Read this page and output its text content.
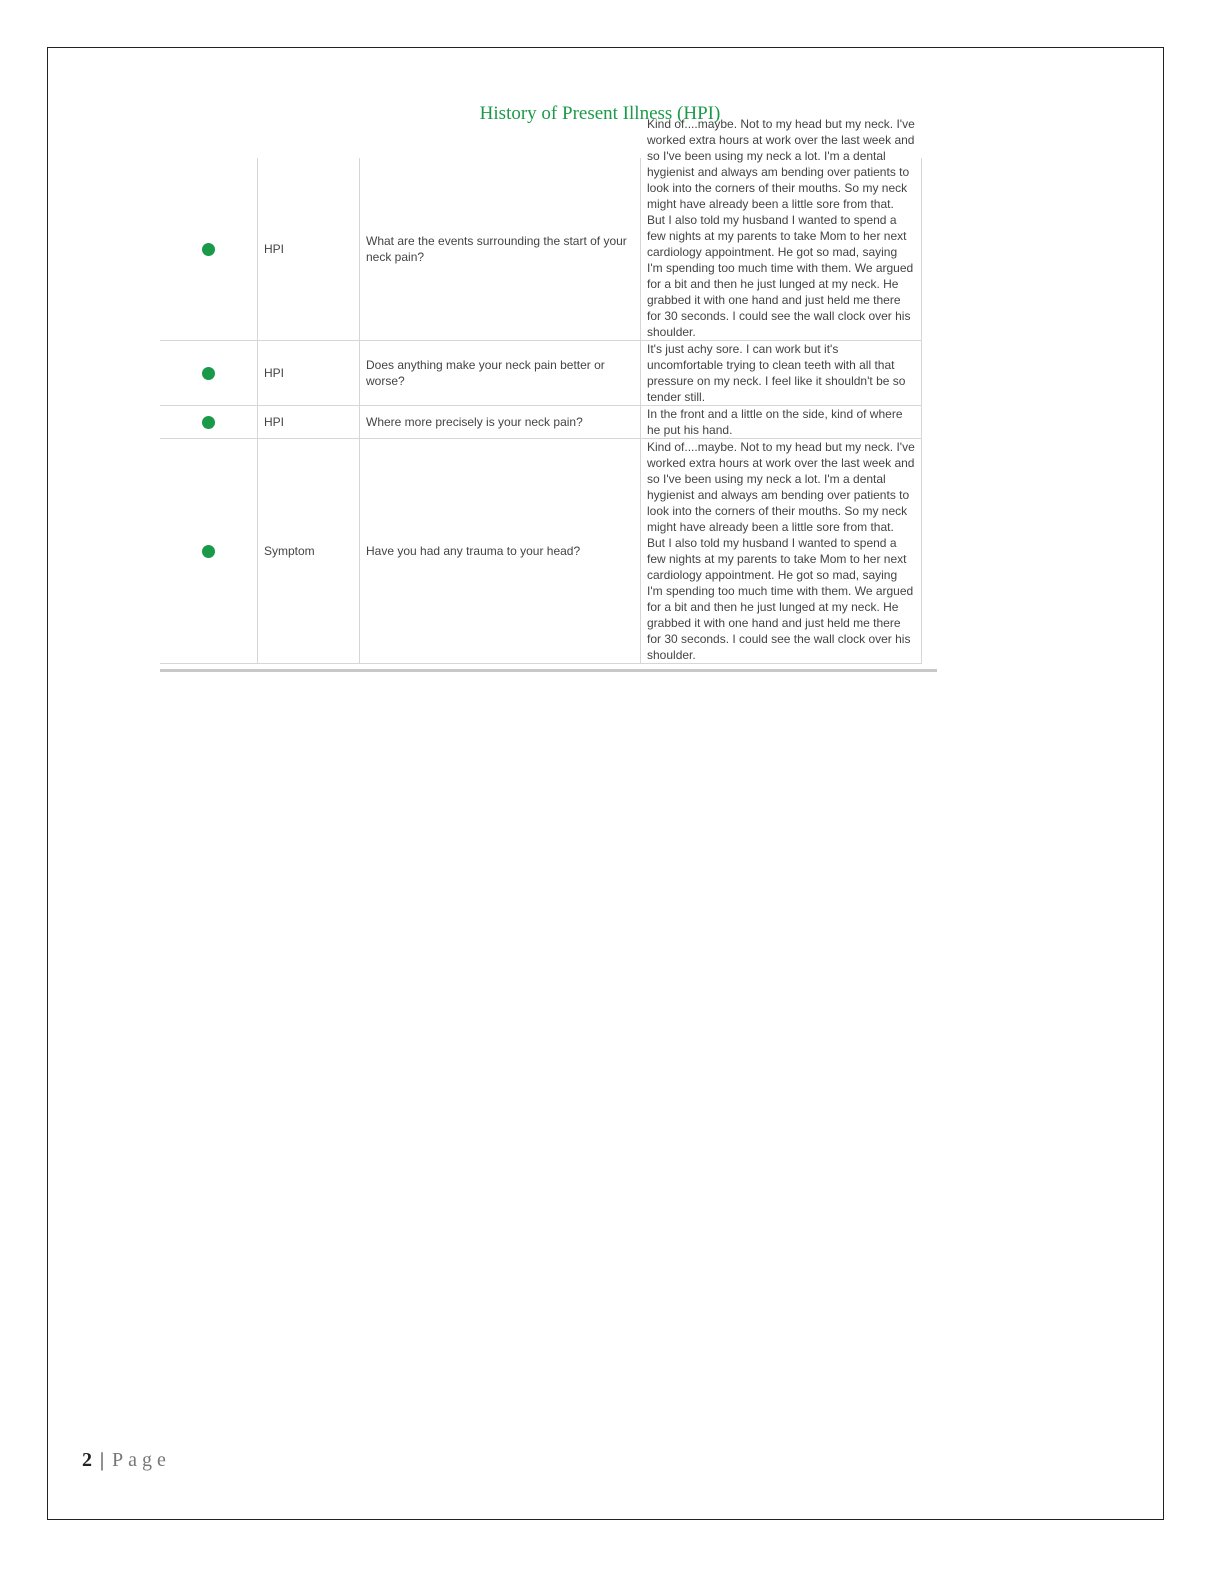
History of Present Illness (HPI)
	HPI	What are the events surrounding the start of your neck pain?	Kind of....maybe. Not to my head but my neck. I've worked extra hours at work over the last week and so I've been using my neck a lot. I'm a dental hygienist and always am bending over patients to look into the corners of their mouths. So my neck might have already been a little sore from that. But I also told my husband I wanted to spend a few nights at my parents to take Mom to her next cardiology appointment. He got so mad, saying I'm spending too much time with them. We argued for a bit and then he just lunged at my neck. He grabbed it with one hand and just held me there for 30 seconds. I could see the wall clock over his shoulder.

	HPI	Does anything make your neck pain better or worse?	It's just achy sore. I can work but it's uncomfortable trying to clean teeth with all that pressure on my neck. I feel like it shouldn't be so tender still.

	HPI	Where more precisely is your neck pain?	In the front and a little on the side, kind of where he put his hand.

	Symptom	Have you had any trauma to your head?	Kind of....maybe. Not to my head but my neck. I've worked extra hours at work over the last week and so I've been using my neck a lot. I'm a dental hygienist and always am bending over patients to look into the corners of their mouths. So my neck might have already been a little sore from that. But I also told my husband I wanted to spend a few nights at my parents to take Mom to her next cardiology appointment. He got so mad, saying I'm spending too much time with them. We argued for a bit and then he just lunged at my neck. He grabbed it with one hand and just held me there for 30 seconds. I could see the wall clock over his shoulder.
2 | Page
